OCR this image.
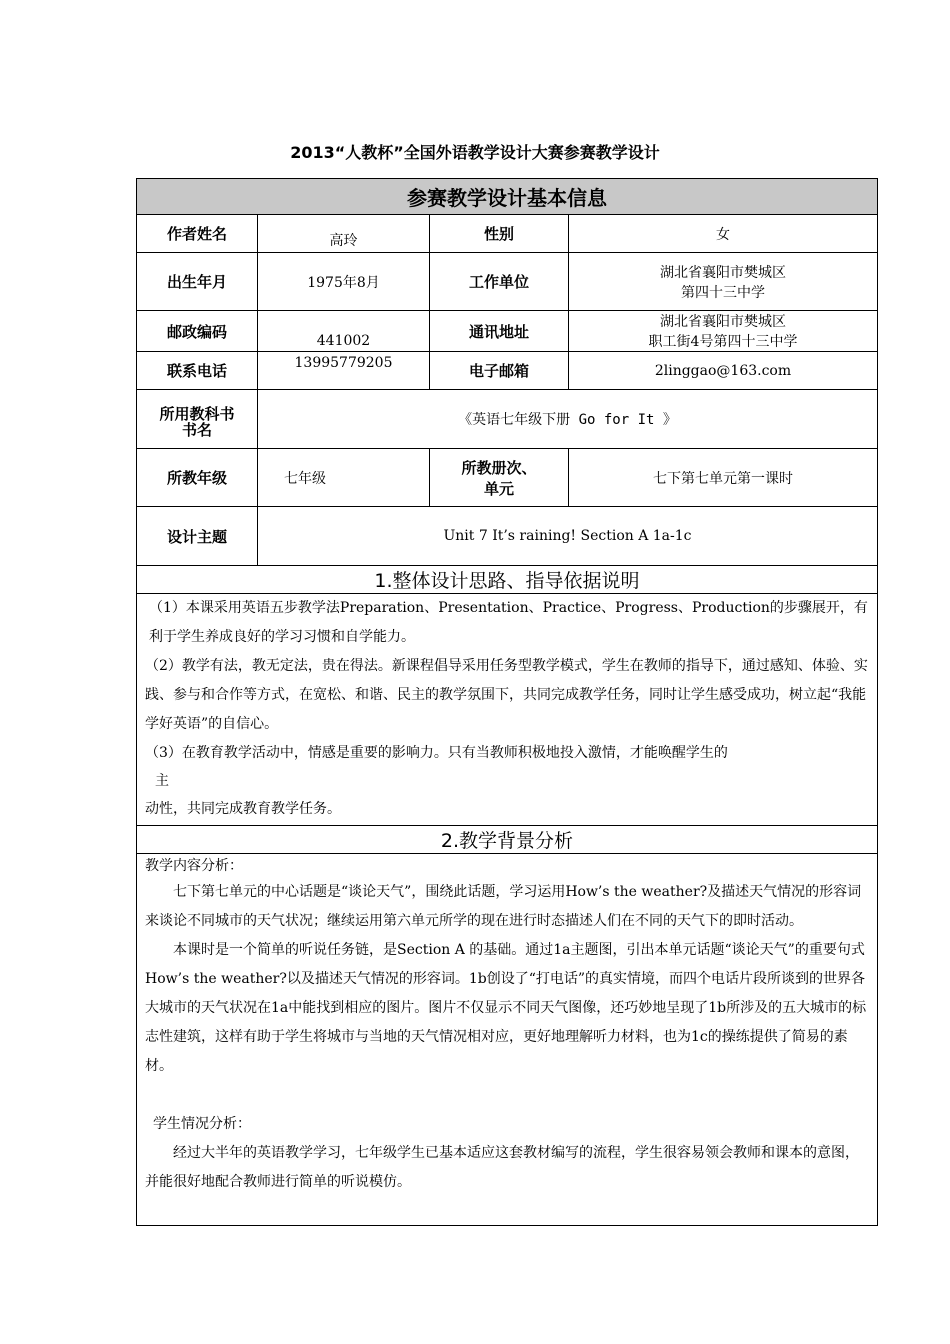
2013“人教杯”全国外语教学设计大赛参赛教学设计
参赛教学设计基本信息			
作者姓名	高玲	性别	女
出生年月	1975年8月	工作单位	湖北省襄阳市樊城区
第四十三中学

邮政编码	441002	通讯地址	湖北省襄阳市樊城区
职工街4号第四十三中学

联系电话	13995779205	电子邮箱	2linggao@163.com

所用教科书
书名	《英语七年级下册 Go for It 》		
所教年级	七年级	所教册次、
单元	七下第七单元第一课时
设计主题	Unit 7 It’s raining! Section A 1a-1c		
1.整体设计思路、指导依据说明			

（1）本课采用英语五步教学法Preparation、Presentation、Practice、Progress、Production的步骤展开，有利于学生养成良好的学习习惯和自学能力。

（2）教学有法，教无定法，贵在得法。新课程倡导采用任务型教学模式，学生在教师的指导下，通过感知、体验、实践、参与和合作等方式，在宽松、和谐、民主的教学氛围下，共同完成教学任务，同时让学生感受成功，树立起“我能学好英语”的自信心。

（3）在教育教学活动中，情感是重要的影响力。只有当教师积极地投入激情，才能唤醒学生的

主

动性，共同完成教育教学任务。			

2.教学背景分析			

教学内容分析：

七下第七单元的中心话题是“谈论天气”，围绕此话题，学习运用How’s the weather?及描述天气情况的形容词来谈论不同城市的天气状况；继续运用第六单元所学的现在进行时态描述人们在不同的天气下的即时活动。

本课时是一个简单的听说任务链，是Section A 的基础。通过1a主题图，引出本单元话题“谈论天气”的重要句式How’s the weather?以及描述天气情况的形容词。1b创设了“打电话”的真实情境，而四个电话片段所谈到的世界各大城市的天气状况在1a中能找到相应的图片。图片不仅显示不同天气图像，还巧妙地呈现了1b所涉及的五大城市的标志性建筑，这样有助于学生将城市与当地的天气情况相对应，更好地理解听力材料，也为1c的操练提供了简易的素材。

学生情况分析：

经过大半年的英语教学学习，七年级学生已基本适应这套教材编写的流程，学生很容易领会教师和课本的意图，并能很好地配合教师进行简单的听说模仿。			
